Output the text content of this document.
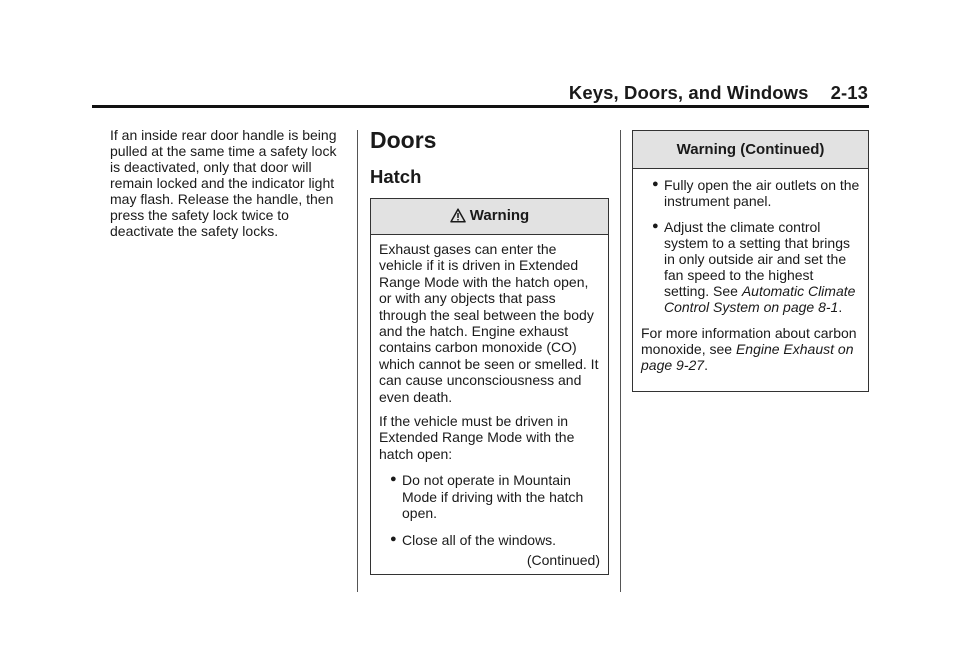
Keys, Doors, and Windows 2-13

If an inside rear door handle is being pulled at the same time a safety lock is deactivated, only that door will remain locked and the indicator light may flash. Release the handle, then press the safety lock twice to deactivate the safety locks.

Doors
Hatch
Warning

Exhaust gases can enter the vehicle if it is driven in Extended Range Mode with the hatch open, or with any objects that pass through the seal between the body and the hatch. Engine exhaust contains carbon monoxide (CO) which cannot be seen or smelled. It can cause unconsciousness and even death.

If the vehicle must be driven in Extended Range Mode with the hatch open:

● Do not operate in Mountain Mode if driving with the hatch open.
● Close all of the windows.
(Continued)
Warning (Continued)
● Fully open the air outlets on the instrument panel.
● Adjust the climate control system to a setting that brings in only outside air and set the fan speed to the highest setting. See Automatic Climate Control System on page 8-1.

For more information about carbon monoxide, see Engine Exhaust on page 9-27.
